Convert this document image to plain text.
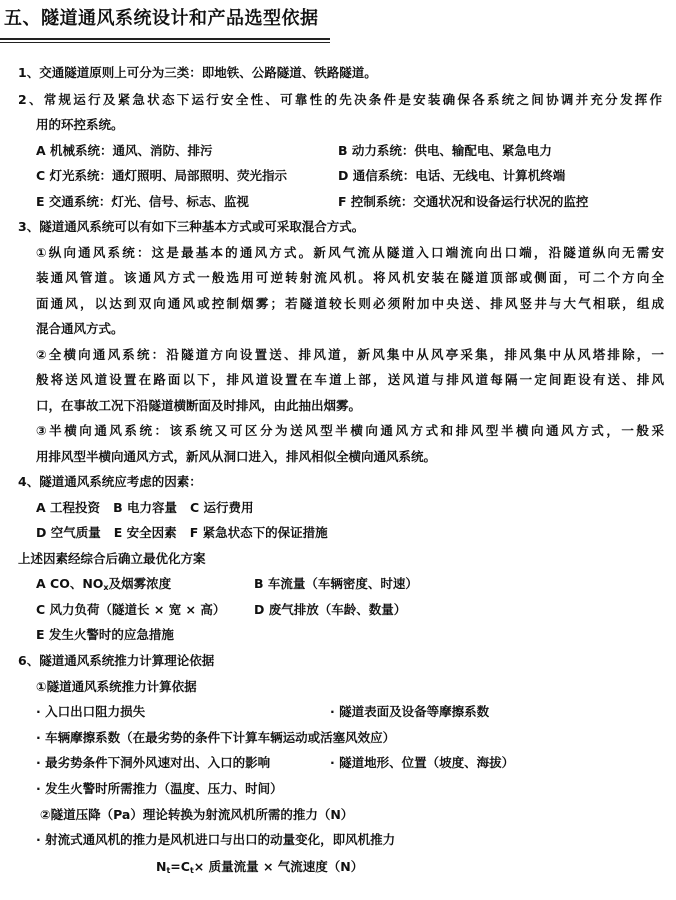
五、隧道通风系统设计和产品选型依据
1、交通隧道原则上可分为三类：即地铁、公路隧道、铁路隧道。
2、常规运行及紧急状态下运行安全性、可靠性的先决条件是安装确保各系统之间协调并充分发挥作
用的环控系统。
A 机械系统：通风、消防、排污	B 动力系统：供电、输配电、紧急电力
C 灯光系统：通灯照明、局部照明、荧光指示	D 通信系统：电话、无线电、计算机终端
E 交通系统：灯光、信号、标志、监视	F 控制系统：交通状况和设备运行状况的监控
3、隧道通风系统可以有如下三种基本方式或可采取混合方式。
①纵向通风系统：这是最基本的通风方式。新风气流从隧道入口端流向出口端，沿隧道纵向无需安
装通风管道。该通风方式一般选用可逆转射流风机。将风机安装在隧道顶部或侧面，可二个方向全
面通风，以达到双向通风或控制烟雾；若隧道较长则必须附加中央送、排风竖井与大气相联，组成
混合通风方式。
②全横向通风系统：沿隧道方向设置送、排风道，新风集中从风亭采集，排风集中从风塔排除，一
般将送风道设置在路面以下，排风道设置在车道上部，送风道与排风道每隔一定间距设有送、排风
口，在事故工况下沿隧道横断面及时排风，由此抽出烟雾。
③半横向通风系统：该系统又可区分为送风型半横向通风方式和排风型半横向通风方式，一般采
用排风型半横向通风方式，新风从洞口进入，排风相似全横向通风系统。
4、隧道通风系统应考虑的因素：
A 工程投资   B 电力容量   C 运行费用
D 空气质量   E 安全因素   F 紧急状态下的保证措施
上述因素经综合后确立最优化方案
A CO、$NO_x$及烟雾浓度	B 车流量（车辆密度、时速）
C 风力负荷（隧道长 × 宽 × 高） D 废气排放（车龄、数量）
E 发生火警时的应急措施
6、隧道通风系统推力计算理论依据
①隧道通风系统推力计算依据
· 入口出口阻力损失	· 隧道表面及设备等摩擦系数
· 车辆摩擦系数（在最劣势的条件下计算车辆运动或活塞风效应）
· 最劣势条件下洞外风速对出、入口的影响	· 隧道地形、位置（坡度、海拔）
· 发生火警时所需推力（温度、压力、时间）
②隧道压降（Pa）理论转换为射流风机所需的推力（N）
· 射流式通风机的推力是风机进口与出口的动量变化，即风机推力
$N_t=C_t\times$ 质量流量 × 气流速度（N）
